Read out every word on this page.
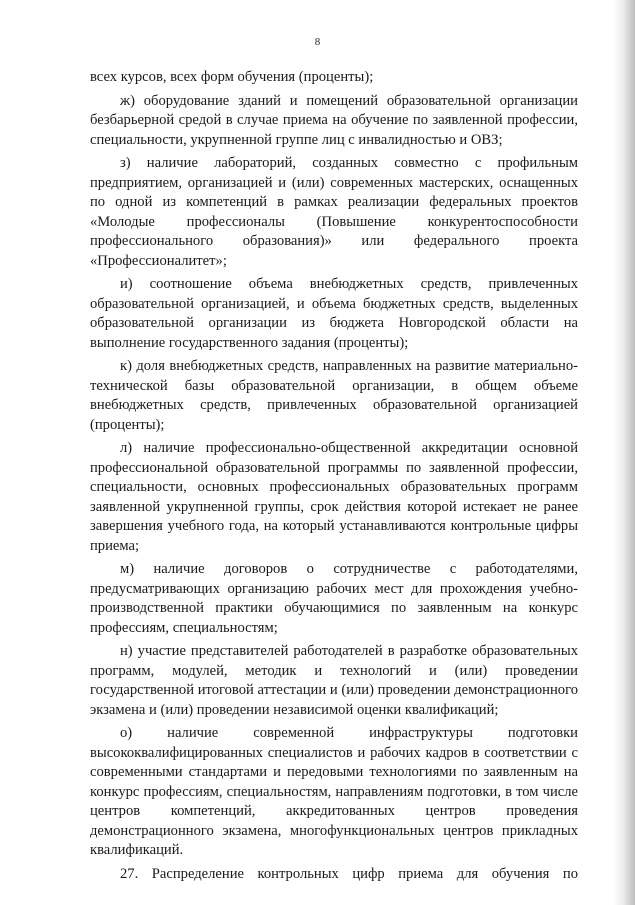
8
всех курсов, всех форм обучения (проценты);
ж) оборудование зданий и помещений образовательной организации
безбарьерной средой в случае приема на обучение по заявленной профессии,
специальности, укрупненной группе лиц с инвалидностью и ОВЗ;
з) наличие лабораторий, созданных совместно с профильным
предприятием, организацией и (или) современных мастерских, оснащенных
по одной из компетенций в рамках реализации федеральных проектов
«Молодые профессионалы (Повышение конкурентоспособности
профессионального образования)» или федерального проекта
«Профессионалитет»;
и) соотношение объема внебюджетных средств, привлеченных
образовательной организацией, и объема бюджетных средств, выделенных
образовательной организации из бюджета Новгородской области на
выполнение государственного задания (проценты);
к) доля внебюджетных средств, направленных на развитие материально-
технической базы образовательной организации, в общем объеме
внебюджетных средств, привлеченных образовательной организацией
(проценты);
л) наличие профессионально-общественной аккредитации основной
профессиональной образовательной программы по заявленной профессии,
специальности, основных профессиональных образовательных программ
заявленной укрупненной группы, срок действия которой истекает не ранее
завершения учебного года, на который устанавливаются контрольные цифры
приема;
м) наличие договоров о сотрудничестве с работодателями,
предусматривающих организацию рабочих мест для прохождения учебно-
производственной практики обучающимися по заявленным на конкурс
профессиям, специальностям;
н) участие представителей работодателей в разработке образовательных
программ, модулей, методик и технологий и (или) проведении
государственной итоговой аттестации и (или) проведении демонстрационного
экзамена и (или) проведении независимой оценки квалификаций;
о) наличие современной инфраструктуры подготовки
высококвалифицированных специалистов и рабочих кадров в соответствии с
современными стандартами и передовыми технологиями по заявленным на
конкурс профессиям, специальностям, направлениям подготовки, в том числе
центров компетенций, аккредитованных центров проведения
демонстрационного экзамена, многофункциональных центров прикладных
квалификаций.
27. Распределение контрольных цифр приема для обучения по
